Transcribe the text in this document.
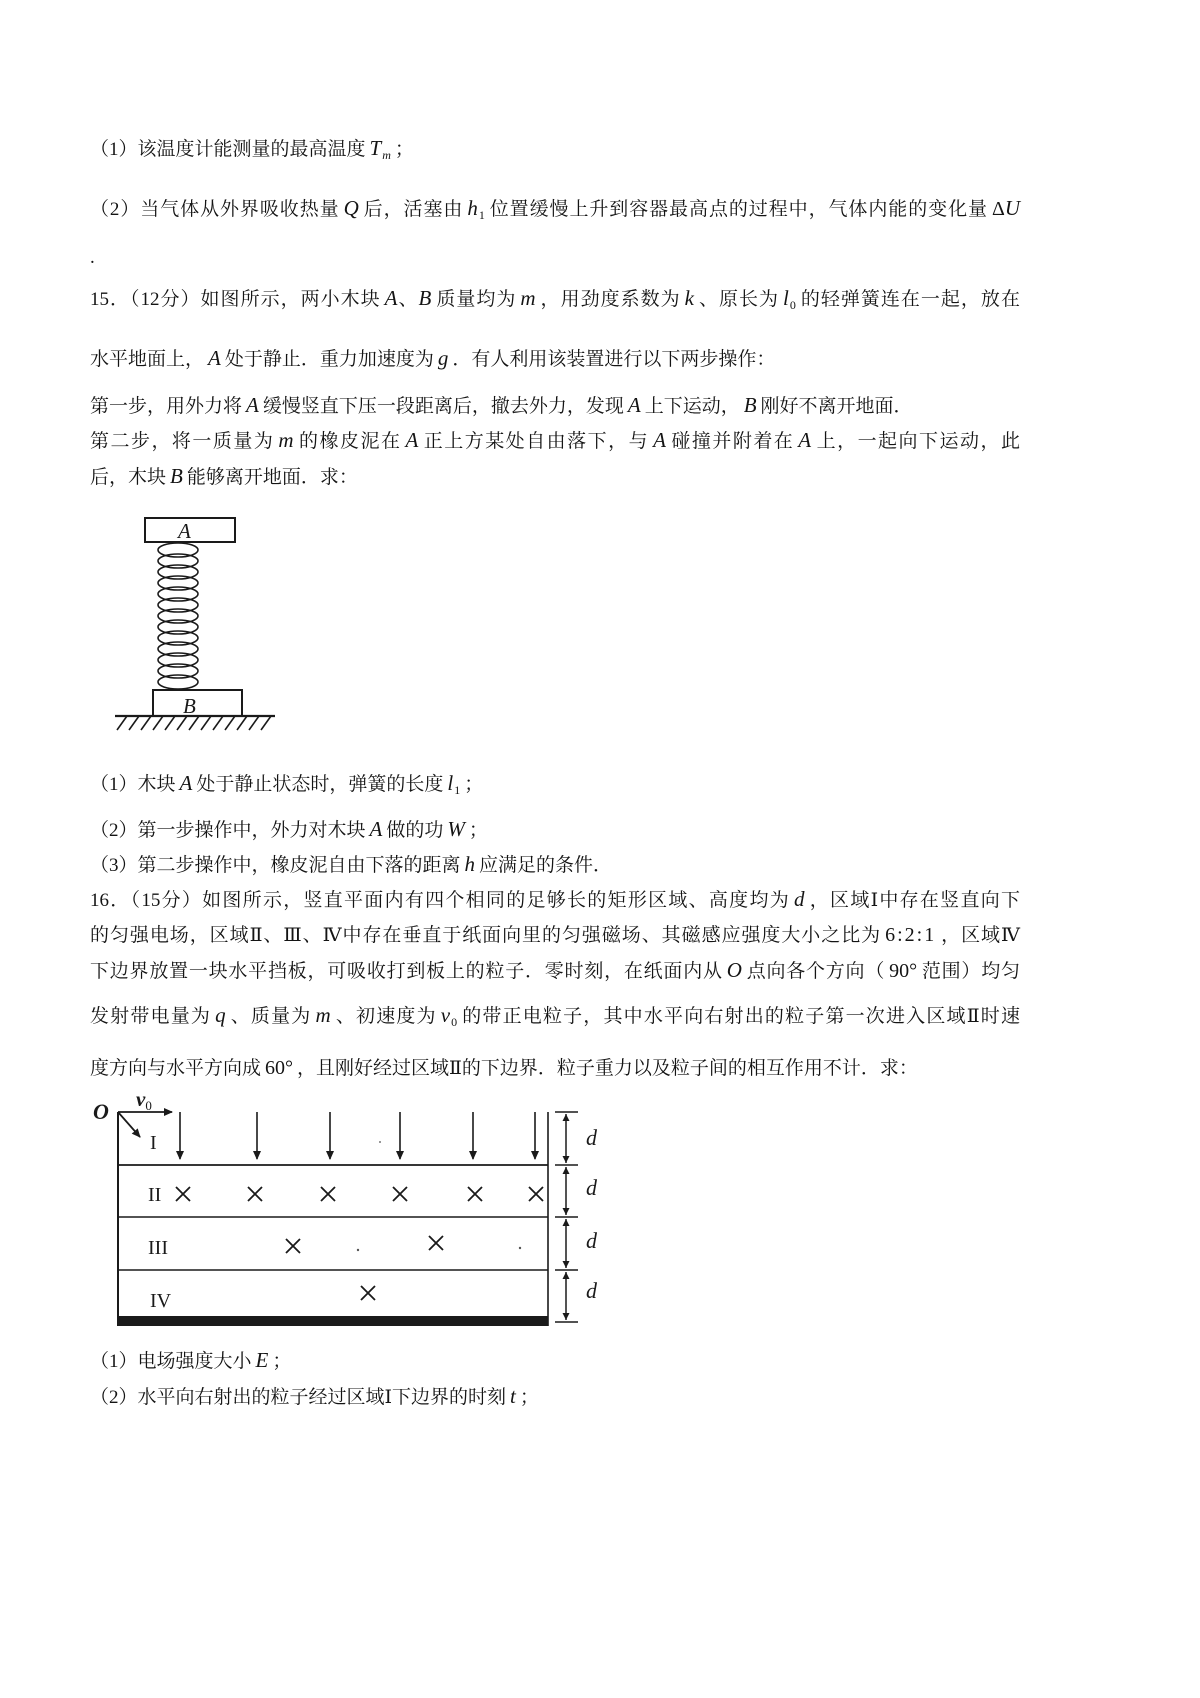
（1）该温度计能测量的最高温度 Tm ；
（2）当气体从外界吸收热量 Q 后，活塞由 $h_1$ 位置缓慢上升到容器最高点的过程中，气体内能的变化量 ΔU
.
15．（12分）如图所示，两小木块 A、B 质量均为 m ，用劲度系数为 k 、原长为 $l_0$ 的轻弹簧连在一起，放在
水平地面上， A 处于静止．重力加速度为 g ．有人利用该装置进行以下两步操作：
第一步，用外力将 A 缓慢竖直下压一段距离后，撤去外力，发现 A 上下运动， B 刚好不离开地面．
第二步，将一质量为 m 的橡皮泥在 A 正上方某处自由落下，与 A 碰撞并附着在 A 上，一起向下运动，此
后，木块 B 能够离开地面．求：
A
B
（1）木块 A 处于静止状态时，弹簧的长度 $l_1$ ；
（2）第一步操作中，外力对木块 A 做的功 W ；
（3）第二步操作中，橡皮泥自由下落的距离 h 应满足的条件．
16．（15分）如图所示，竖直平面内有四个相同的足够长的矩形区域、高度均为 d ，区域Ⅰ中存在竖直向下
的匀强电场，区域Ⅱ、Ⅲ、Ⅳ中存在垂直于纸面向里的匀强磁场、其磁感应强度大小之比为 6:2:1 ，区域Ⅳ
下边界放置一块水平挡板，可吸收打到板上的粒子．零时刻，在纸面内从 O 点向各个方向（ 90° 范围）均匀
发射带电量为 q 、质量为 m 、初速度为 $v_0$ 的带正电粒子，其中水平向右射出的粒子第一次进入区域Ⅱ时速
度方向与水平方向成 60° ，且刚好经过区域Ⅱ的下边界．粒子重力以及粒子间的相互作用不计．求：
O v0
I
II
III
IV
d
d
d
d
（1）电场强度大小 E ；
（2）水平向右射出的粒子经过区域Ⅰ下边界的时刻 t ；
